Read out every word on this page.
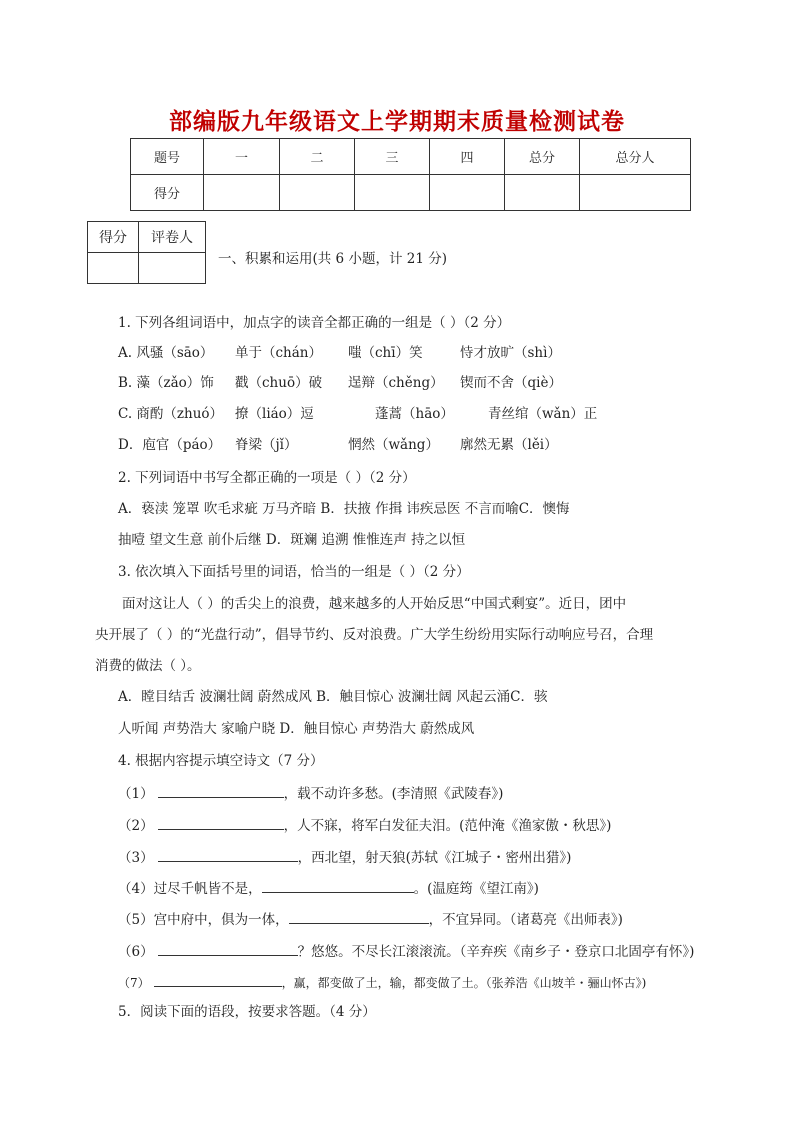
部编版九年级语文上学期期末质量检测试卷
题号	一	二	三	四	总分	总分人
得分						
得分	评卷人

一、积累和运用(共 6 小题，计 21 分)
1. 下列各组词语中，加点字的读音全都正确的一组是（ ）（2 分）
A. 风骚（sāo） 单于（chán） 嗤（chī）笑	恃才放旷（shì）
B. 藻（zǎo）饰 戳（chuō）破 逞辩（chěng） 锲而不舍（qiè）
C. 商酌（zhuó） 撩（liáo）逗	蓬蒿（hāo）	青丝绾（wǎn）正
D．庖官（páo） 脊梁（jǐ）	惘然（wǎng） 廓然无累（lěi）
2. 下列词语中书写全都正确的一项是（ ）（2 分）
A．亵渎 笼罩 吹毛求疵 万马齐暗 B．扶掖 作揖 讳疾忌医 不言而喻C．懊悔
抽噎 望文生意 前仆后继 D．斑斓 追溯 惟惟连声 持之以恒
3. 依次填入下面括号里的词语，恰当的一组是（ ）（2 分）
面对这让人（ ）的舌尖上的浪费，越来越多的人开始反思“中国式剩宴”。近日，团中
央开展了（ ）的“光盘行动”，倡导节约、反对浪费。广大学生纷纷用实际行动响应号召，合理
消费的做法（ ）。
A．瞠目结舌 波澜壮阔 蔚然成风 B．触目惊心 波澜壮阔 风起云涌C．骇
人听闻 声势浩大 家喻户晓 D．触目惊心 声势浩大 蔚然成风
4. 根据内容提示填空诗文（7 分）
（1）	，载不动许多愁。(李清照《武陵春》)
（2）	，人不寐，将军白发征夫泪。(范仲淹《渔家傲・秋思》)
（3）	，西北望，射天狼(苏轼《江城子・密州出猎》)
（4）过尽千帆皆不是，	。(温庭筠《望江南》)
（5）宫中府中，俱为一体，	，不宜异同。（诸葛亮《出师表》)
（6）	？悠悠。不尽长江滚滚流。（辛弃疾《南乡子・登京口北固亭有怀》)
（7）	，赢，都变做了土，输，都变做了土。（张养浩《山坡羊・骊山怀古》)
5．阅读下面的语段，按要求答题。（4 分）
